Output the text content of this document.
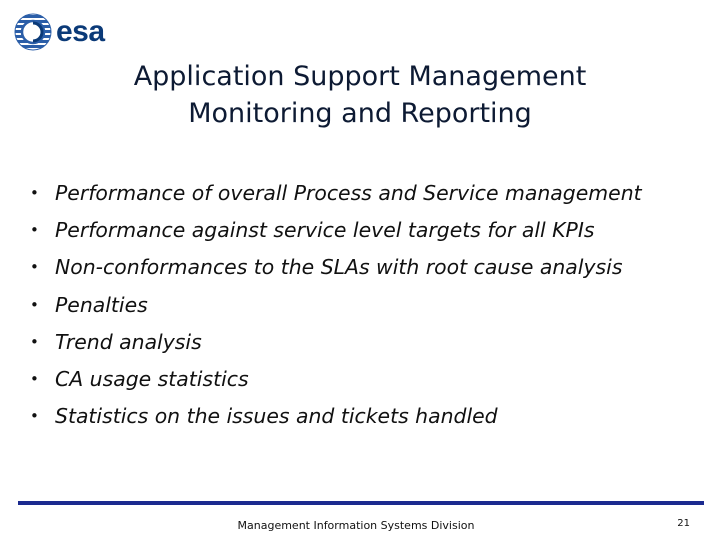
esa
Application Support Management
Monitoring and Reporting
• Performance of overall Process and Service management
• Performance against service level targets for all KPIs
• Non-conformances to the SLAs with root cause analysis
• Penalties
• Trend analysis
• CA usage statistics
• Statistics on the issues and tickets handled
Management Information Systems Division	21
